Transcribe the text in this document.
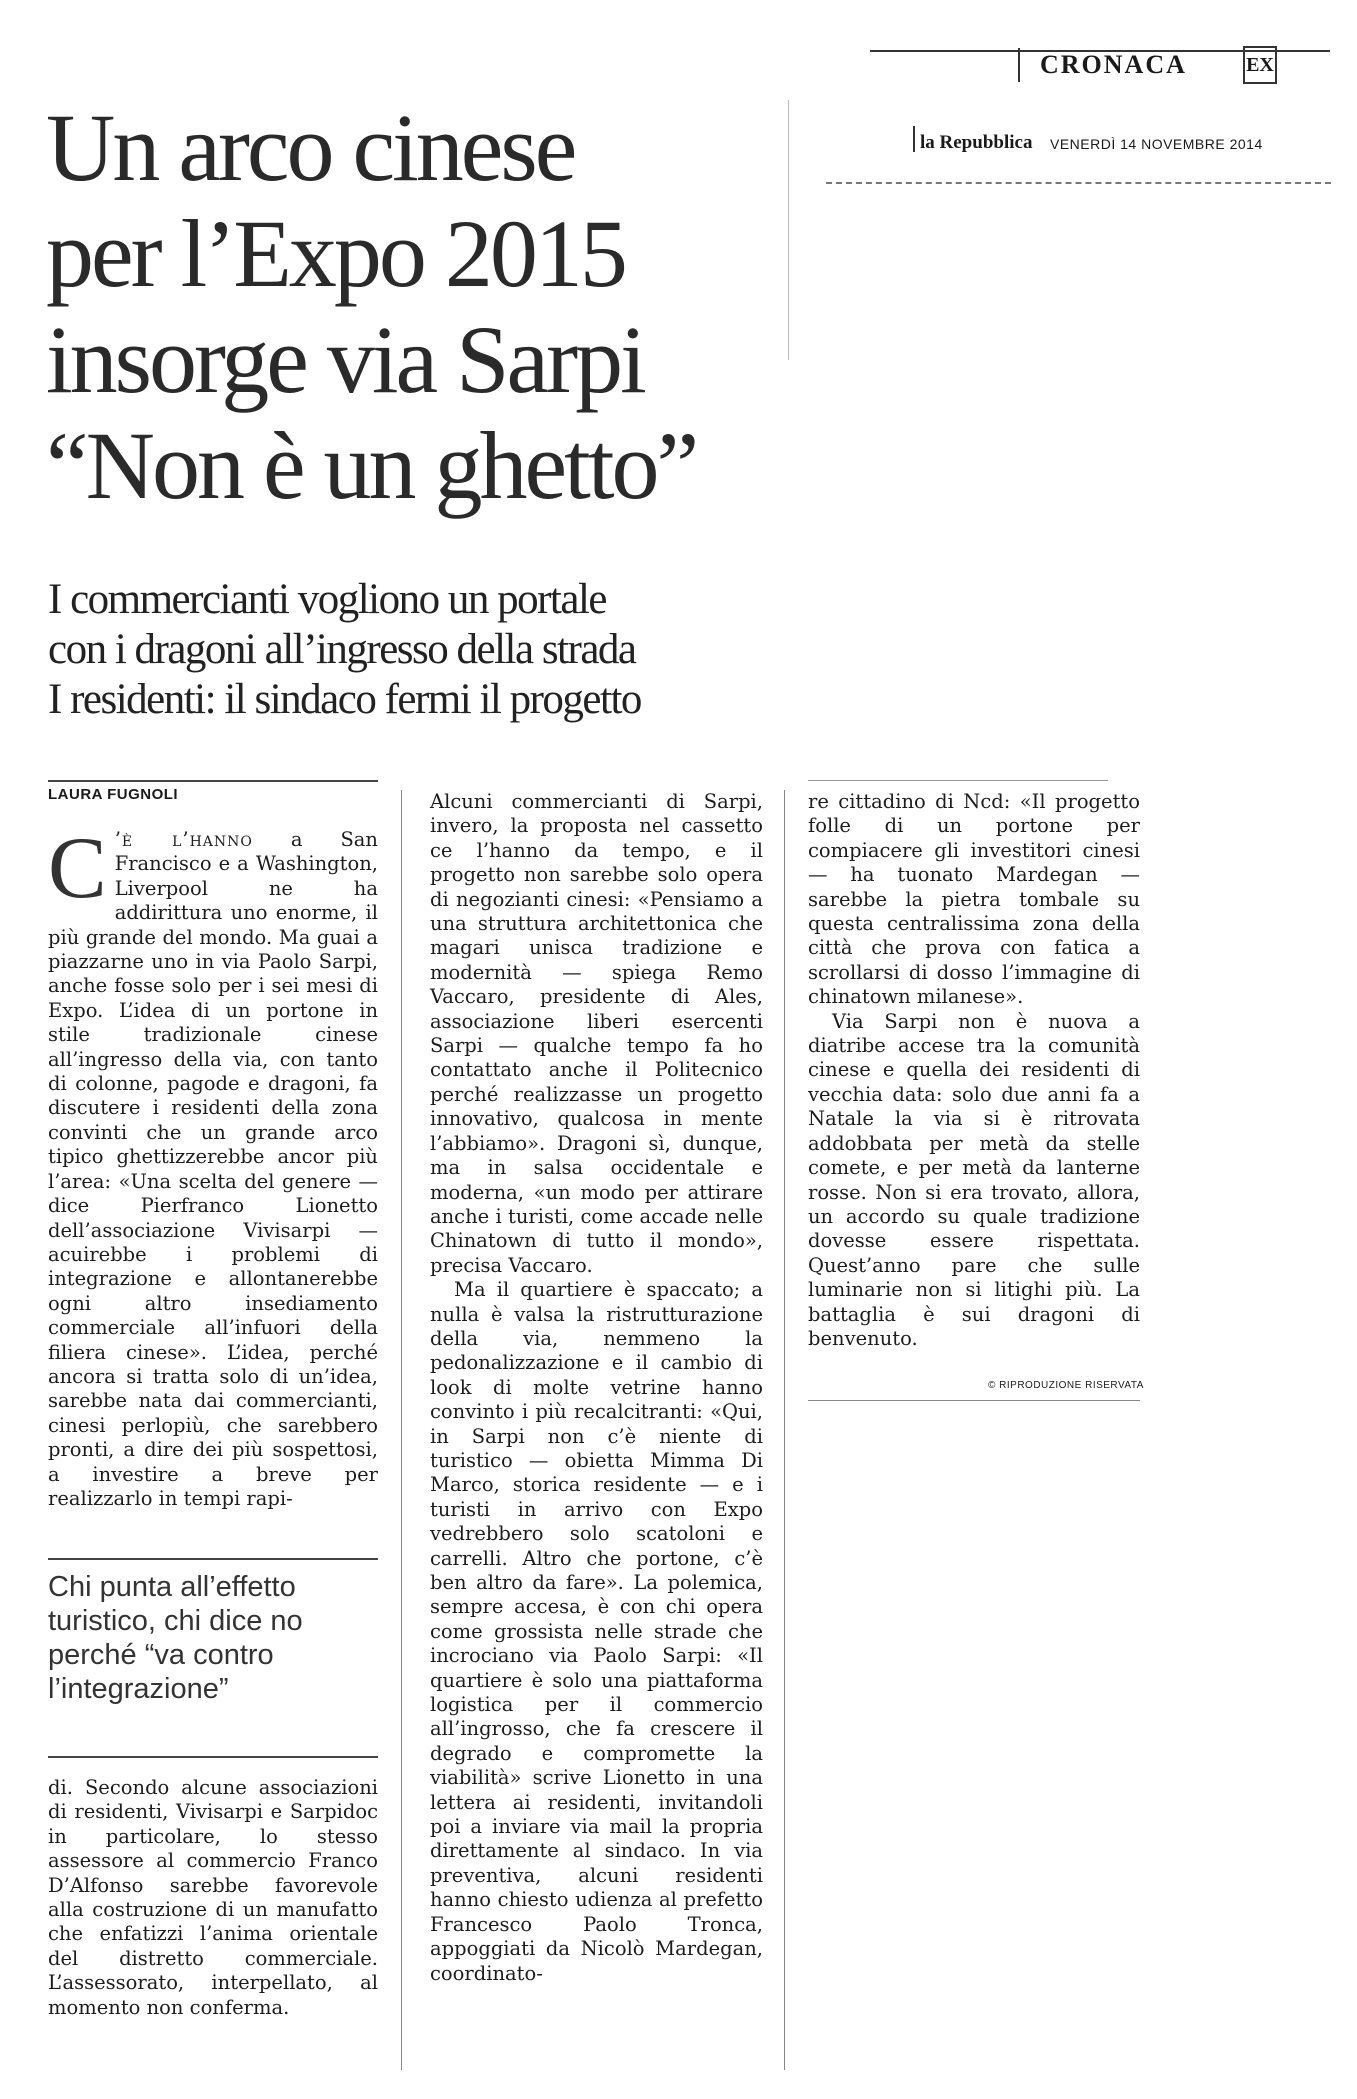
CRONACA	ЕX
la Repubblica VENERDÌ 14 NOVEMBRE 2014
Un arco cinese
per l’Expo 2015
insorge via Sarpi
“Non è un ghetto”
I commercianti vogliono un portale
con i dragoni all’ingresso della strada
I residenti: il sindaco fermi il progetto
LAURA FUGNOLI

C ’è l’hanno a San Francisco e a Washington, Liverpool ne ha addirittura uno enorme, il più grande del mondo. Ma guai a piazzarne uno in via Paolo Sarpi, anche fosse solo per i sei mesi di Expo. L’idea di un portone in stile tradizionale cinese all’ingresso della via, con tanto di colonne, pagode e dragoni, fa discutere i residenti della zona convinti che un grande arco tipico ghettizzerebbe ancor più l’area: «Una scelta del genere — dice Pierfranco Lionetto dell’associazione Vivisarpi — acuirebbe i problemi di integrazione e allontanerebbe ogni altro insediamento commerciale all’infuori della filiera cinese». L’idea, perché ancora si tratta solo di un’idea, sarebbe nata dai commercianti, cinesi perlopiù, che sarebbero pronti, a dire dei più sospettosi, a investire a breve per realizzarlo in tempi rapi-

Chi punta all’effetto turistico, chi dice no perché “va contro l’integrazione”

di. Secondo alcune associazioni di residenti, Vivisarpi e Sarpidoc in particolare, lo stesso assessore al commercio Franco D’Alfonso sarebbe favorevole alla costruzione di un manufatto che enfatizzi l’anima orientale del distretto commerciale. L’assessorato, interpellato, al momento non conferma.

Alcuni commercianti di Sarpi, invero, la proposta nel cassetto ce l’hanno da tempo, e il progetto non sarebbe solo opera di negozianti cinesi: «Pensiamo a una struttura architettonica che magari unisca tradizione e modernità — spiega Remo Vaccaro, presidente di Ales, associazione liberi esercenti Sarpi — qualche tempo fa ho contattato anche il Politecnico perché realizzasse un progetto innovativo, qualcosa in mente l’abbiamo». Dragoni sì, dunque, ma in salsa occidentale e moderna, «un modo per attirare anche i turisti, come accade nelle Chinatown di tutto il mondo», precisa Vaccaro.

Ma il quartiere è spaccato; a nulla è valsa la ristrutturazione della via, nemmeno la pedonalizzazione e il cambio di look di molte vetrine hanno convinto i più recalcitranti: «Qui, in Sarpi non c’è niente di turistico — obietta Mimma Di Marco, storica residente — e i turisti in arrivo con Expo vedrebbero solo scatoloni e carrelli. Altro che portone, c’è ben altro da fare». La polemica, sempre accesa, è con chi opera come grossista nelle strade che incrociano via Paolo Sarpi: «Il quartiere è solo una piattaforma logistica per il commercio all’ingrosso, che fa crescere il degrado e compromette la viabilità» scrive Lionetto in una lettera ai residenti, invitandoli poi a inviare via mail la propria direttamente al sindaco. In via preventiva, alcuni residenti hanno chiesto udienza al prefetto Francesco Paolo Tronca, appoggiati da Nicolò Mardegan, coordinato-

re cittadino di Ncd: «Il progetto folle di un portone per compiacere gli investitori cinesi — ha tuonato Mardegan — sarebbe la pietra tombale su questa centralissima zona della città che prova con fatica a scrollarsi di dosso l’immagine di chinatown milanese».

Via Sarpi non è nuova a diatribe accese tra la comunità cinese e quella dei residenti di vecchia data: solo due anni fa a Natale la via si è ritrovata addobbata per metà da stelle comete, e per metà da lanterne rosse. Non si era trovato, allora, un accordo su quale tradizione dovesse essere rispettata. Quest’anno pare che sulle luminarie non si litighi più. La battaglia è sui dragoni di benvenuto.

© RIPRODUZIONE RISERVATA
